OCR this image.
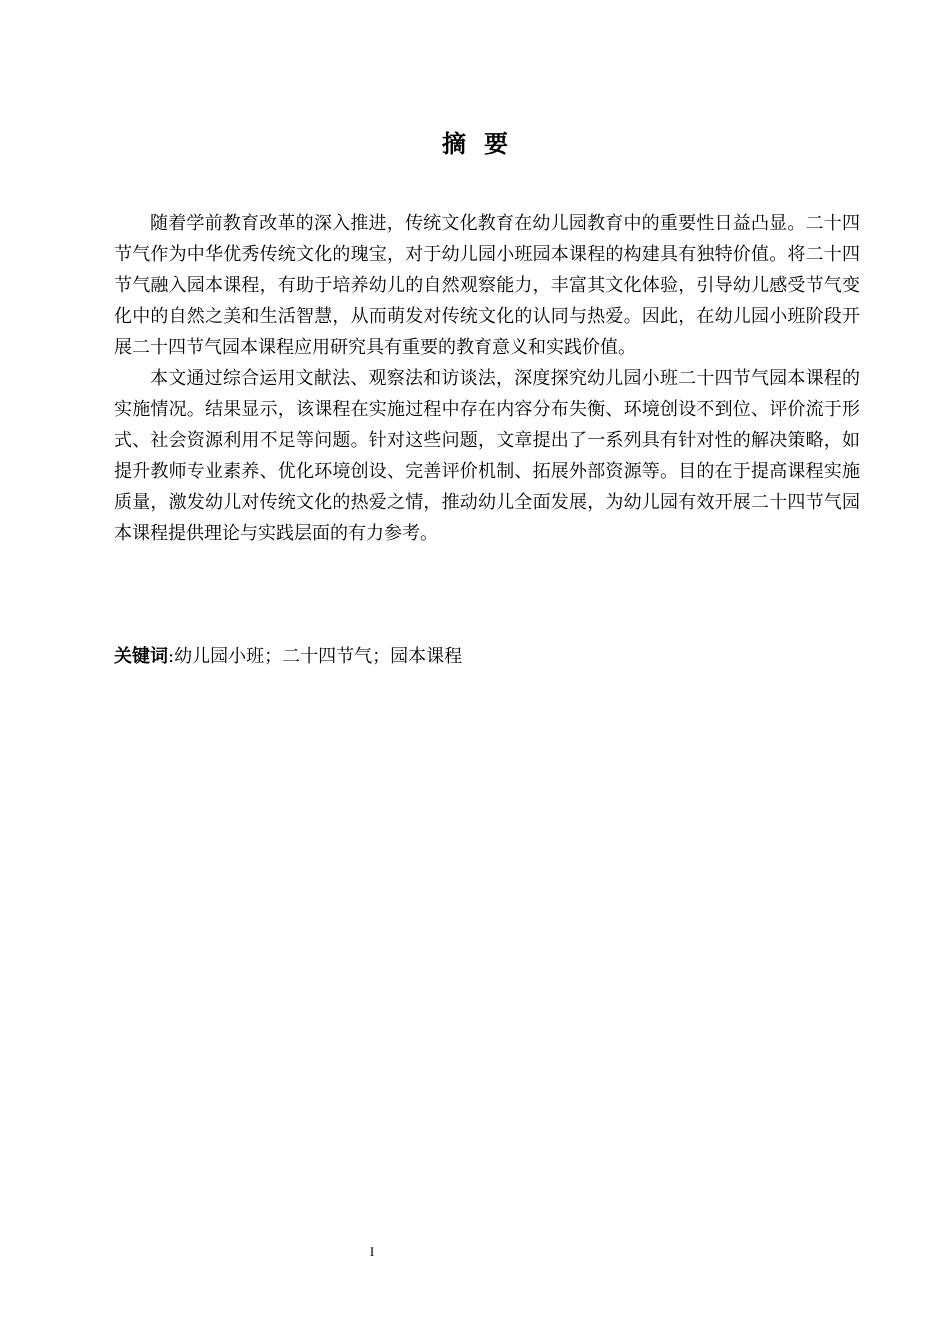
摘要

随着学前教育改革的深入推进，传统文化教育在幼儿园教育中的重要性日益凸显。二十四节气作为中华优秀传统文化的瑰宝，对于幼儿园小班园本课程的构建具有独特价值。将二十四节气融入园本课程，有助于培养幼儿的自然观察能力，丰富其文化体验，引导幼儿感受节气变化中的自然之美和生活智慧，从而萌发对传统文化的认同与热爱。因此，在幼儿园小班阶段开展二十四节气园本课程应用研究具有重要的教育意义和实践价值。

本文通过综合运用文献法、观察法和访谈法，深度探究幼儿园小班二十四节气园本课程的实施情况。结果显示，该课程在实施过程中存在内容分布失衡、环境创设不到位、评价流于形式、社会资源利用不足等问题。针对这些问题，文章提出了一系列具有针对性的解决策略，如提升教师专业素养、优化环境创设、完善评价机制、拓展外部资源等。目的在于提高课程实施质量，激发幼儿对传统文化的热爱之情，推动幼儿全面发展，为幼儿园有效开展二十四节气园本课程提供理论与实践层面的有力参考。

关键词:幼儿园小班；二十四节气；园本课程
I
